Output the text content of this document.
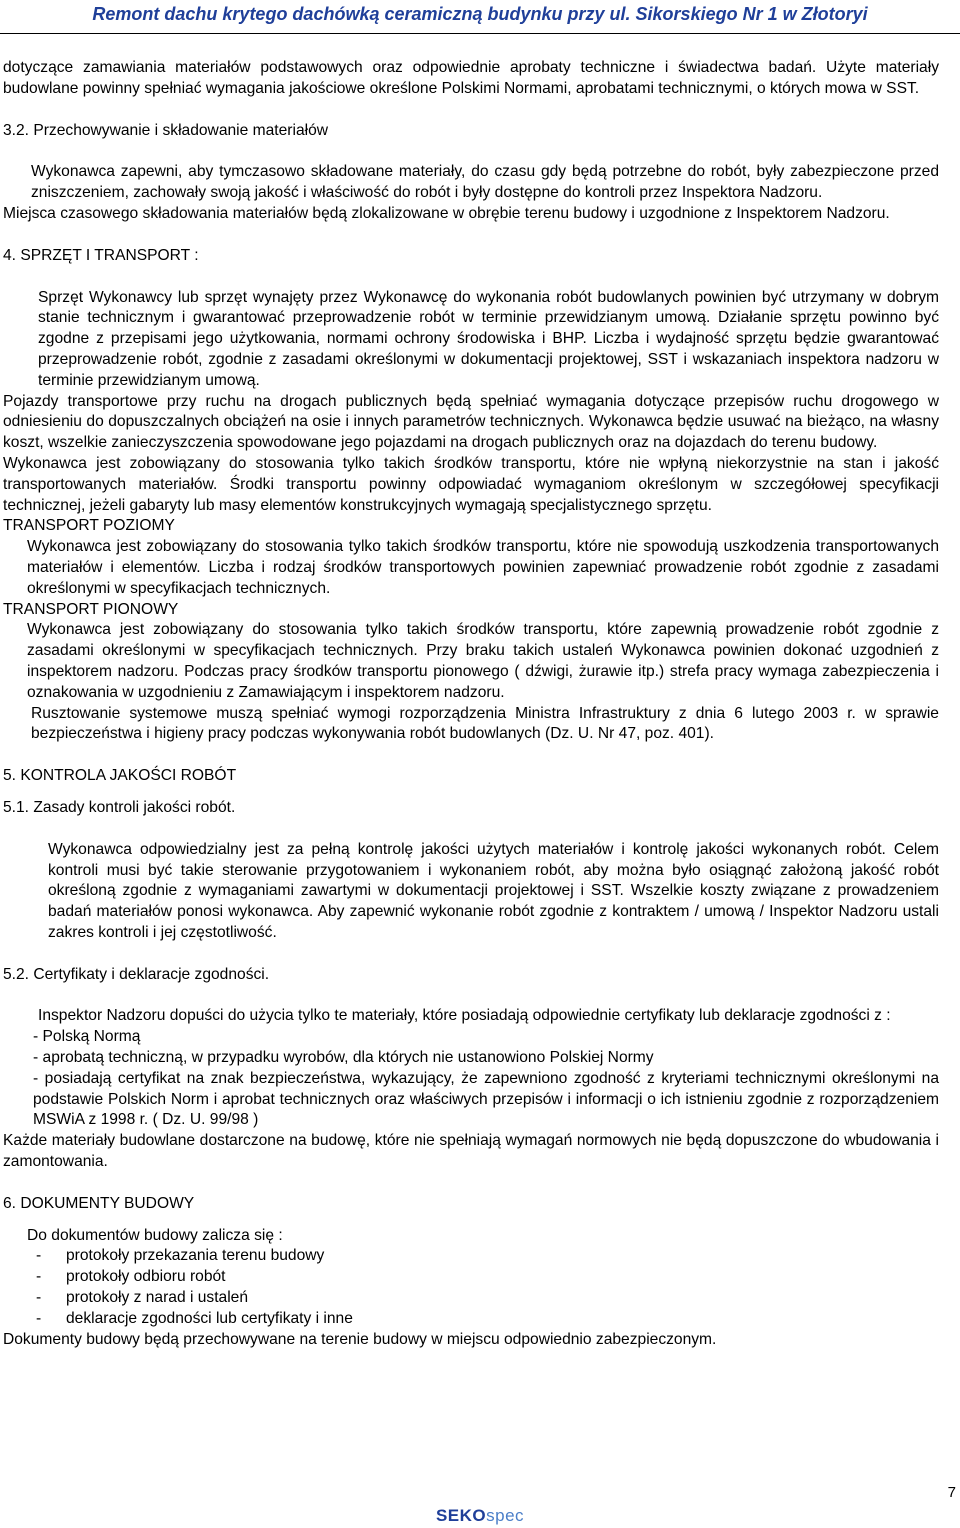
Remont dachu krytego dachówką ceramiczną budynku przy ul. Sikorskiego Nr 1 w Złotoryi

dotyczące zamawiania materiałów podstawowych oraz odpowiednie aprobaty techniczne i świadectwa badań. Użyte materiały budowlane powinny spełniać wymagania jakościowe określone Polskimi Normami, aprobatami technicznymi, o których mowa w SST.

3.2. Przechowywanie i składowanie materiałów

Wykonawca zapewni, aby tymczasowo składowane materiały, do czasu gdy będą potrzebne do robót, były zabezpieczone przed zniszczeniem, zachowały swoją jakość i właściwość do robót i były dostępne do kontroli przez Inspektora Nadzoru.

Miejsca czasowego składowania materiałów będą zlokalizowane w obrębie terenu budowy i uzgodnione z Inspektorem Nadzoru.

4. SPRZĘT I TRANSPORT :

Sprzęt Wykonawcy lub sprzęt wynajęty przez Wykonawcę do wykonania robót budowlanych powinien być utrzymany w dobrym stanie technicznym i gwarantować przeprowadzenie robót w terminie przewidzianym umową. Działanie sprzętu powinno być zgodne z przepisami jego użytkowania, normami ochrony środowiska i BHP. Liczba i wydajność sprzętu będzie gwarantować przeprowadzenie robót, zgodnie z zasadami określonymi w dokumentacji projektowej, SST i wskazaniach inspektora nadzoru w terminie przewidzianym umową.

Pojazdy transportowe przy ruchu na drogach publicznych będą spełniać wymagania dotyczące przepisów ruchu drogowego w odniesieniu do dopuszczalnych obciążeń na osie i innych parametrów technicznych. Wykonawca będzie usuwać na bieżąco, na własny koszt, wszelkie zanieczyszczenia spowodowane jego pojazdami na drogach publicznych oraz na dojazdach do terenu budowy.

Wykonawca jest zobowiązany do stosowania tylko takich środków transportu, które nie wpłyną niekorzystnie na stan i jakość transportowanych materiałów. Środki transportu powinny odpowiadać wymaganiom określonym w szczegółowej specyfikacji technicznej, jeżeli gabaryty lub masy elementów konstrukcyjnych wymagają specjalistycznego sprzętu.

TRANSPORT POZIOMY

Wykonawca jest zobowiązany do stosowania tylko takich środków transportu, które nie spowodują uszkodzenia transportowanych materiałów i elementów. Liczba i rodzaj środków transportowych powinien zapewniać prowadzenie robót zgodnie z zasadami określonymi w specyfikacjach technicznych.

TRANSPORT PIONOWY

Wykonawca jest zobowiązany do stosowania tylko takich środków transportu, które zapewnią prowadzenie robót zgodnie z zasadami określonymi w specyfikacjach technicznych. Przy braku takich ustaleń Wykonawca powinien dokonać uzgodnień z inspektorem nadzoru. Podczas pracy środków transportu pionowego ( dźwigi, żurawie itp.) strefa pracy wymaga zabezpieczenia i oznakowania w uzgodnieniu z Zamawiającym i inspektorem nadzoru.

Rusztowanie systemowe muszą spełniać wymogi rozporządzenia Ministra Infrastruktury z dnia 6 lutego 2003 r. w sprawie bezpieczeństwa i higieny pracy podczas wykonywania robót budowlanych (Dz. U. Nr 47, poz. 401).

5. KONTROLA JAKOŚCI ROBÓT

5.1. Zasady kontroli jakości robót.

Wykonawca odpowiedzialny jest za pełną kontrolę jakości użytych materiałów i kontrolę jakości wykonanych robót. Celem kontroli musi być takie sterowanie przygotowaniem i wykonaniem robót, aby można było osiągnąć założoną jakość robót określoną zgodnie z wymaganiami zawartymi w dokumentacji projektowej i SST. Wszelkie koszty związane z prowadzeniem badań materiałów ponosi wykonawca. Aby zapewnić wykonanie robót zgodnie z kontraktem / umową / Inspektor Nadzoru ustali zakres kontroli i jej częstotliwość.

5.2. Certyfikaty i deklaracje zgodności.

Inspektor Nadzoru dopuści do użycia tylko te materiały, które posiadają odpowiednie certyfikaty lub deklaracje zgodności z :

- Polską Normą

- aprobatą techniczną, w przypadku wyrobów, dla których nie ustanowiono Polskiej Normy

- posiadają certyfikat na znak bezpieczeństwa, wykazujący, że zapewniono zgodność z kryteriami technicznymi określonymi na podstawie Polskich Norm i aprobat technicznych oraz właściwych przepisów i informacji o ich istnieniu zgodnie z rozporządzeniem MSWiA z 1998 r. ( Dz. U. 99/98 )

Każde materiały budowlane dostarczone na budowę, które nie spełniają wymagań normowych nie będą dopuszczone do wbudowania i zamontowania.

6. DOKUMENTY BUDOWY

Do dokumentów budowy zalicza się :

-	protokoły przekazania terenu budowy
-	protokoły odbioru robót
-	protokoły z narad i ustaleń
-	deklaracje zgodności lub certyfikaty i inne

Dokumenty budowy będą przechowywane na terenie budowy w miejscu odpowiednio zabezpieczonym.

7
SEKOspec
